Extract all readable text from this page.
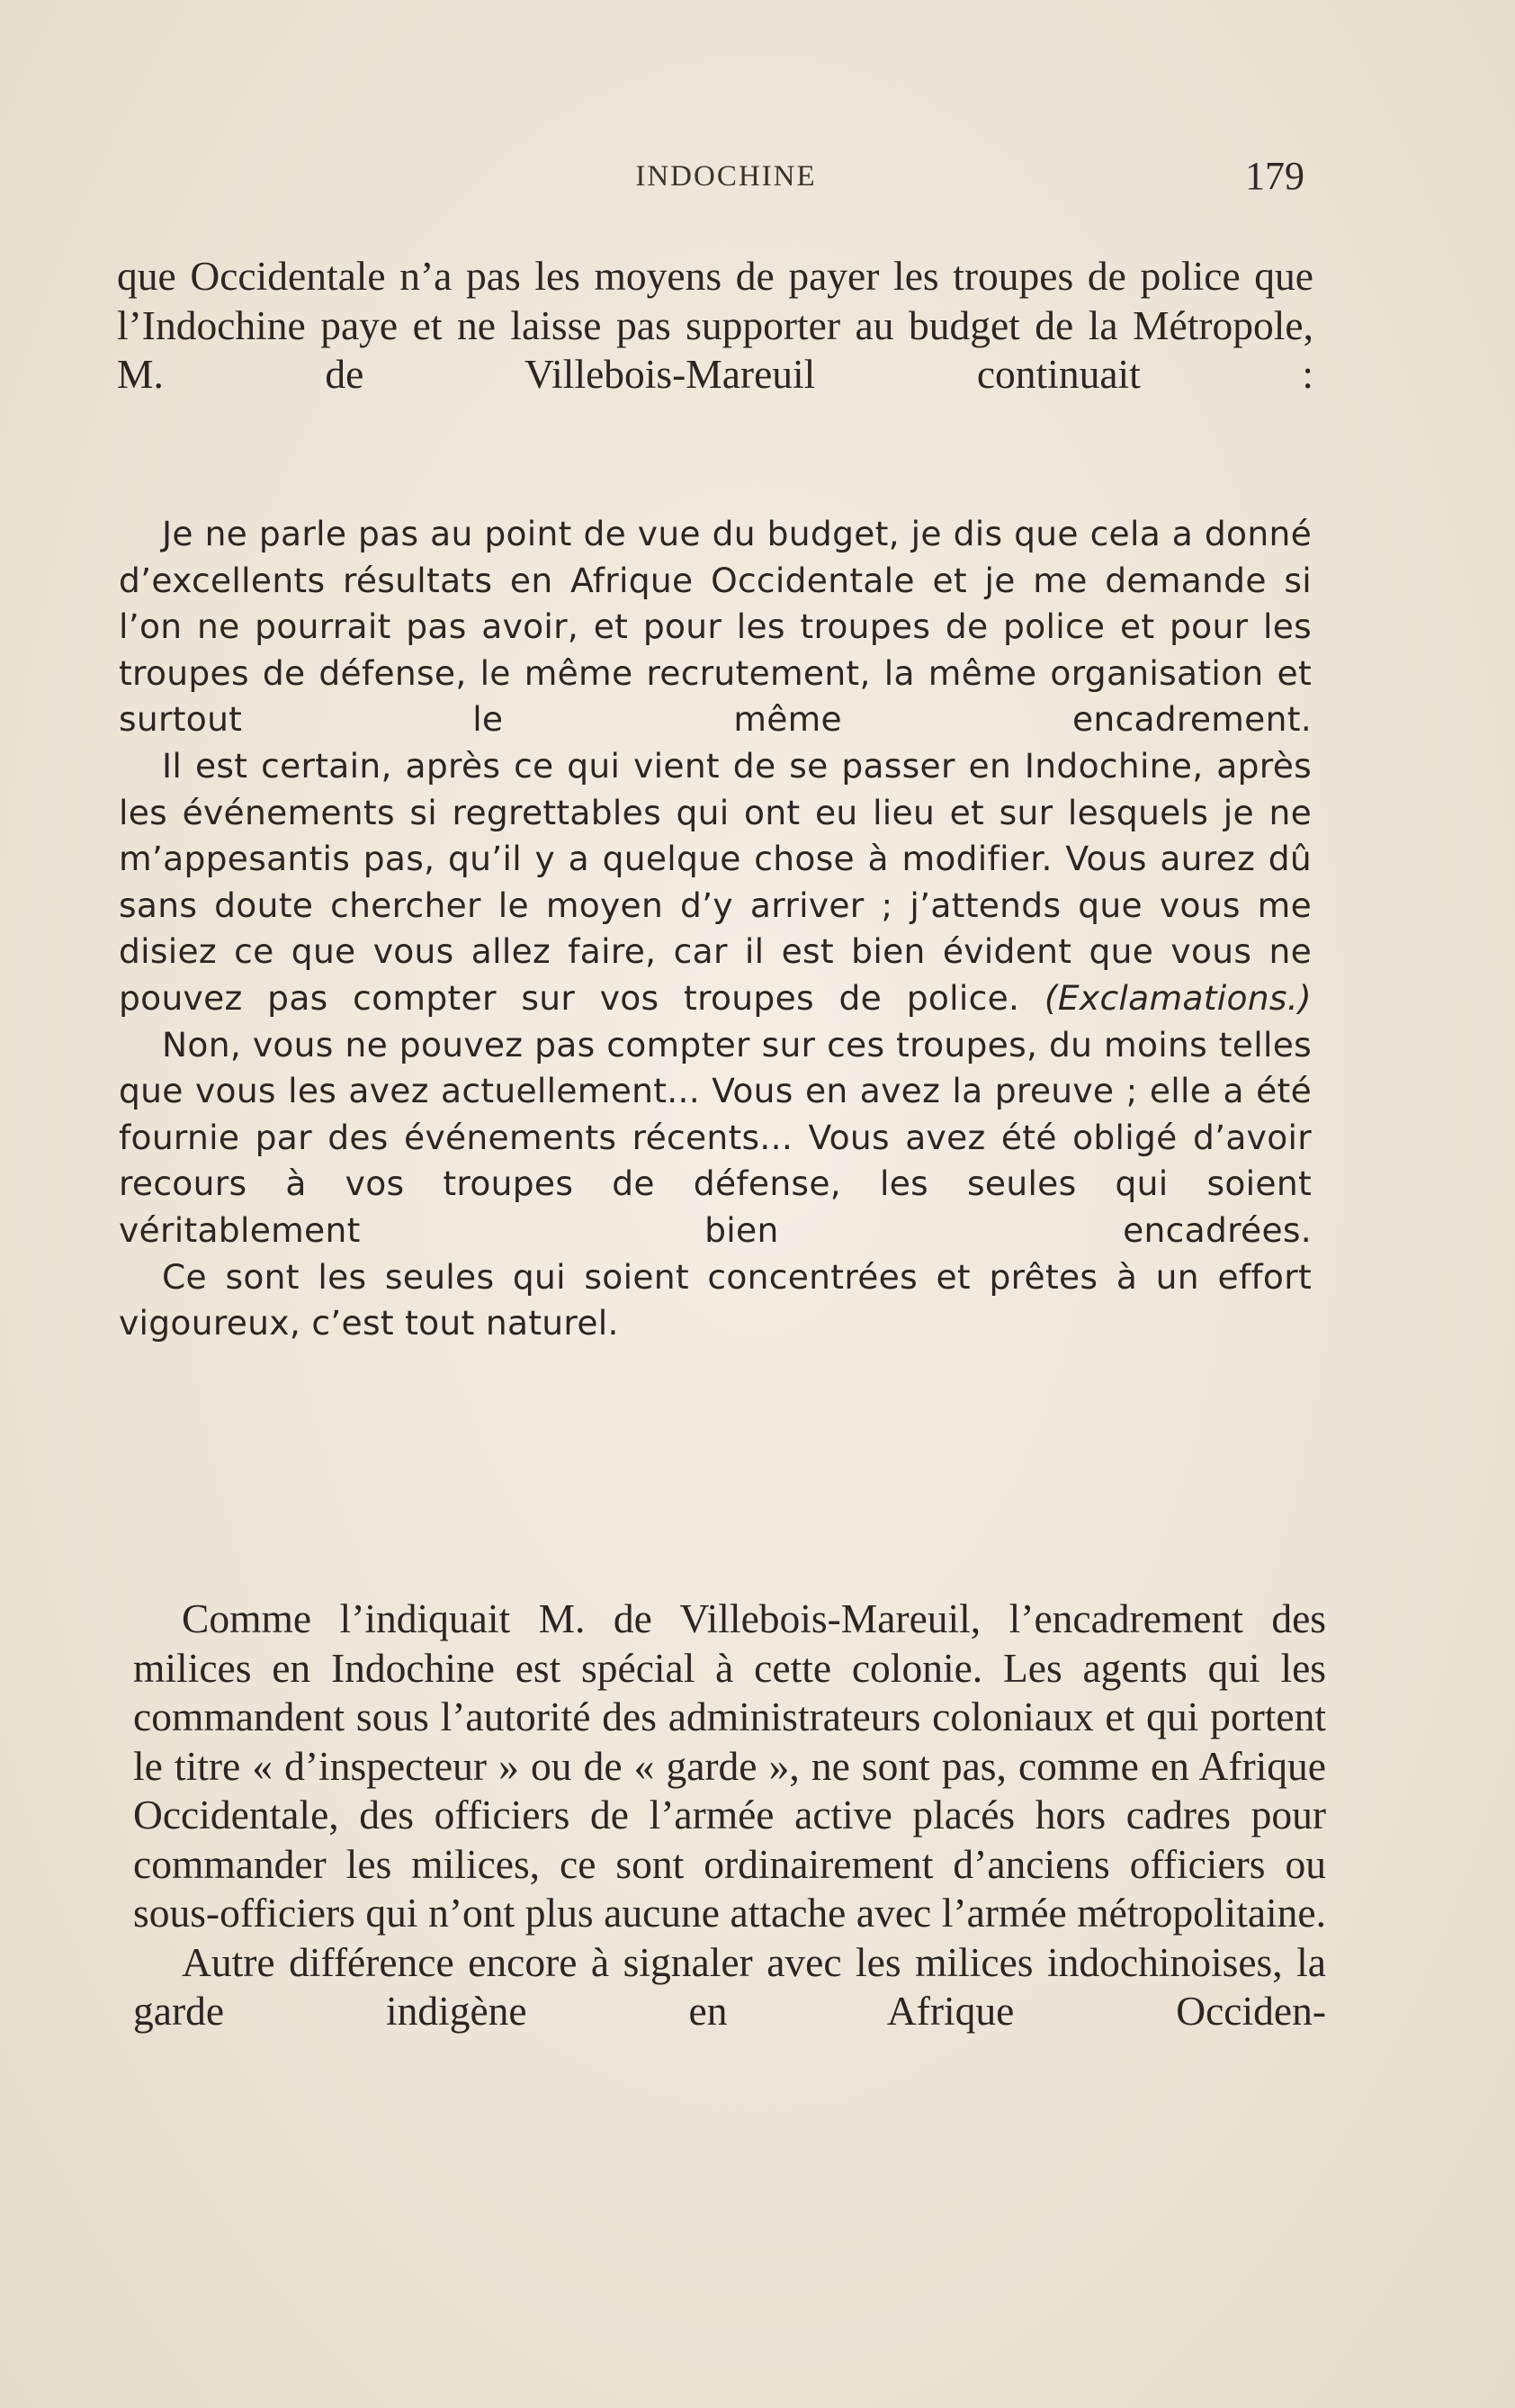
INDOCHINE	179

que Occidentale n’a pas les moyens de payer les troupes de police que l’Indochine paye et ne laisse pas supporter au budget de la Métropole, M. de Villebois-Mareuil continuait :

Je ne parle pas au point de vue du budget, je dis que cela a donné d’excellents résultats en Afrique Occidentale et je me demande si l’on ne pourrait pas avoir, et pour les troupes de police et pour les troupes de défense, le même recrutement, la même organisation et surtout le même encadrement.

Il est certain, après ce qui vient de se passer en Indochine, après les événements si regrettables qui ont eu lieu et sur lesquels je ne m’appesantis pas, qu’il y a quelque chose à modifier. Vous aurez dû sans doute chercher le moyen d’y arriver ; j’attends que vous me disiez ce que vous allez faire, car il est bien évident que vous ne pouvez pas compter sur vos troupes de police. (Exclamations.)

Non, vous ne pouvez pas compter sur ces troupes, du moins telles que vous les avez actuellement... Vous en avez la preuve ; elle a été fournie par des événements récents... Vous avez été obligé d’avoir recours à vos troupes de défense, les seules qui soient véritablement bien encadrées.

Ce sont les seules qui soient concentrées et prêtes à un effort vigoureux, c’est tout naturel.

Comme l’indiquait M. de Villebois-Mareuil, l’encadrement des milices en Indochine est spécial à cette colonie. Les agents qui les commandent sous l’autorité des administrateurs coloniaux et qui portent le titre « d’inspecteur » ou de « garde », ne sont pas, comme en Afrique Occidentale, des officiers de l’armée active placés hors cadres pour commander les milices, ce sont ordinairement d’anciens officiers ou sous-officiers qui n’ont plus aucune attache avec l’armée métropolitaine.

Autre différence encore à signaler avec les milices indochinoises, la garde indigène en Afrique Occiden-
